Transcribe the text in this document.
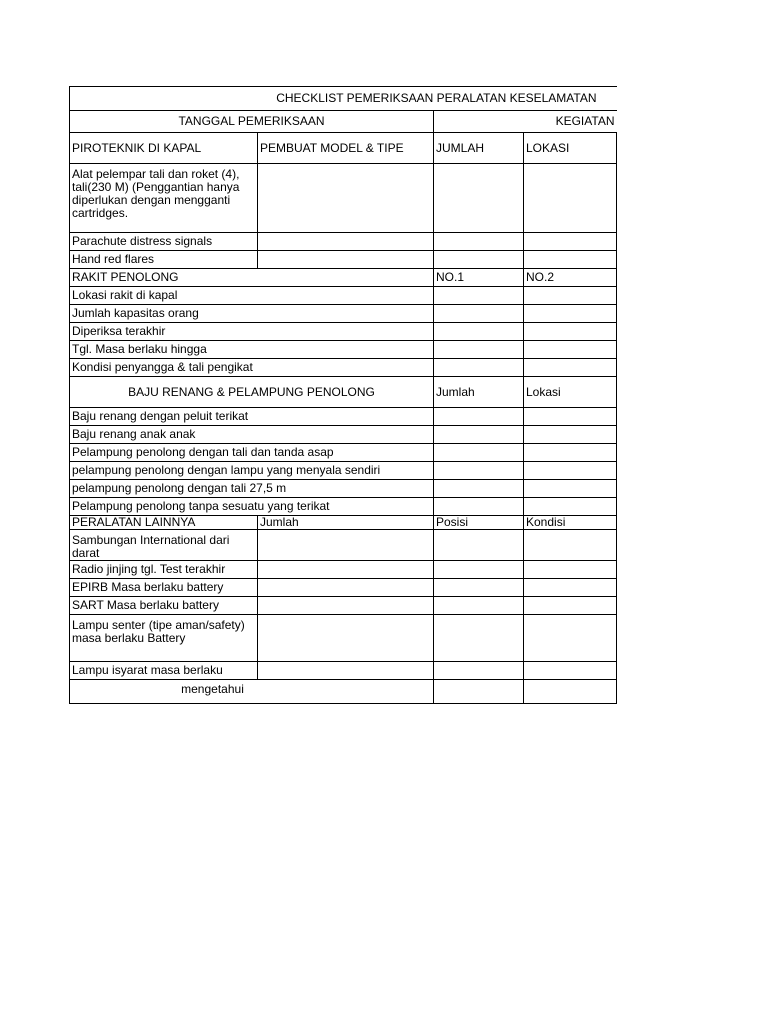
CHECKLIST PEMERIKSAAN PERALATAN KESELAMATAN			
TANGGAL PEMERIKSAAN		KEGIATAN	
PIROTEKNIK DI KAPAL	PEMBUAT MODEL & TIPE	JUMLAH	LOKASI
Alat pelempar tali dan roket (4), tali(230 M) (Penggantian hanya diperlukan dengan mengganti cartridges.			
Parachute distress signals			
Hand red flares			
RAKIT PENOLONG		NO.1	NO.2
Lokasi rakit di kapal			
Jumlah kapasitas orang			
Diperiksa terakhir			
Tgl. Masa berlaku hingga			
Kondisi penyangga & tali pengikat			
BAJU RENANG & PELAMPUNG PENOLONG		Jumlah	Lokasi
Baju renang dengan peluit terikat			
Baju renang anak anak			
Pelampung penolong dengan tali dan tanda asap			
pelampung penolong dengan lampu yang menyala sendiri			
pelampung penolong dengan tali 27,5 m			
Pelampung penolong tanpa sesuatu yang terikat			
PERALATAN LAINNYA	Jumlah	Posisi	Kondisi
Sambungan International dari darat			
Radio jinjing tgl. Test terakhir			
EPIRB Masa berlaku battery			
SART Masa berlaku battery			
Lampu senter (tipe aman/safety) masa berlaku Battery			
Lampu isyarat masa berlaku			
mengetahui			
